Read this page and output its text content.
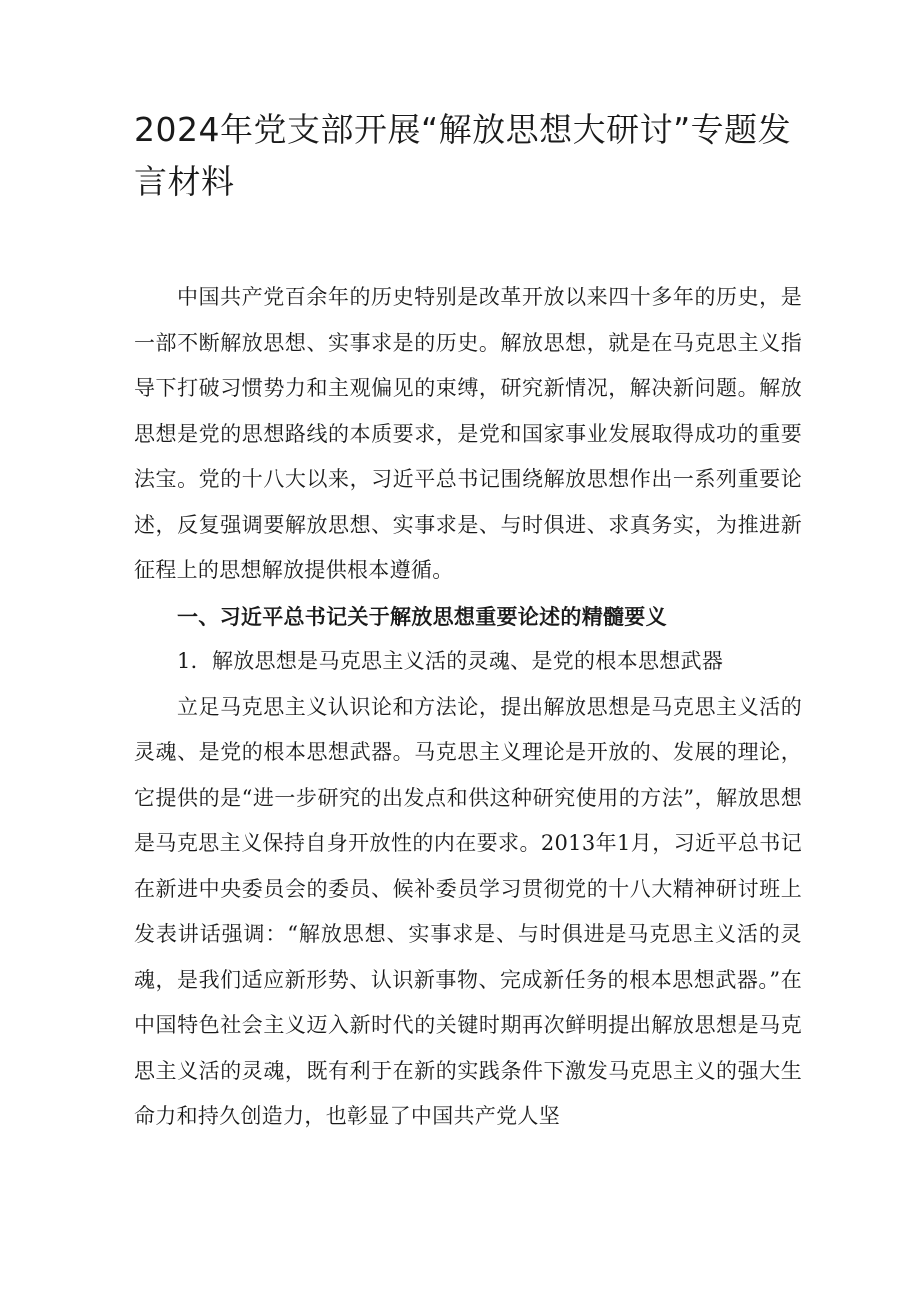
2024年党支部开展“解放思想大研讨”专题发言材料

中国共产党百余年的历史特别是改革开放以来四十多年的历史，是一部不断解放思想、实事求是的历史。解放思想，就是在马克思主义指导下打破习惯势力和主观偏见的束缚，研究新情况，解决新问题。解放思想是党的思想路线的本质要求，是党和国家事业发展取得成功的重要法宝。党的十八大以来，习近平总书记围绕解放思想作出一系列重要论述，反复强调要解放思想、实事求是、与时俱进、求真务实，为推进新征程上的思想解放提供根本遵循。

一、习近平总书记关于解放思想重要论述的精髓要义

1．解放思想是马克思主义活的灵魂、是党的根本思想武器

立足马克思主义认识论和方法论，提出解放思想是马克思主义活的灵魂、是党的根本思想武器。马克思主义理论是开放的、发展的理论，它提供的是“进一步研究的出发点和供这种研究使用的方法”，解放思想是马克思主义保持自身开放性的内在要求。2013年1月，习近平总书记在新进中央委员会的委员、候补委员学习贯彻党的十八大精神研讨班上发表讲话强调：“解放思想、实事求是、与时俱进是马克思主义活的灵魂，是我们适应新形势、认识新事物、完成新任务的根本思想武器。”在中国特色社会主义迈入新时代的关键时期再次鲜明提出解放思想是马克思主义活的灵魂，既有利于在新的实践条件下激发马克思主义的强大生命力和持久创造力，也彰显了中国共产党人坚
